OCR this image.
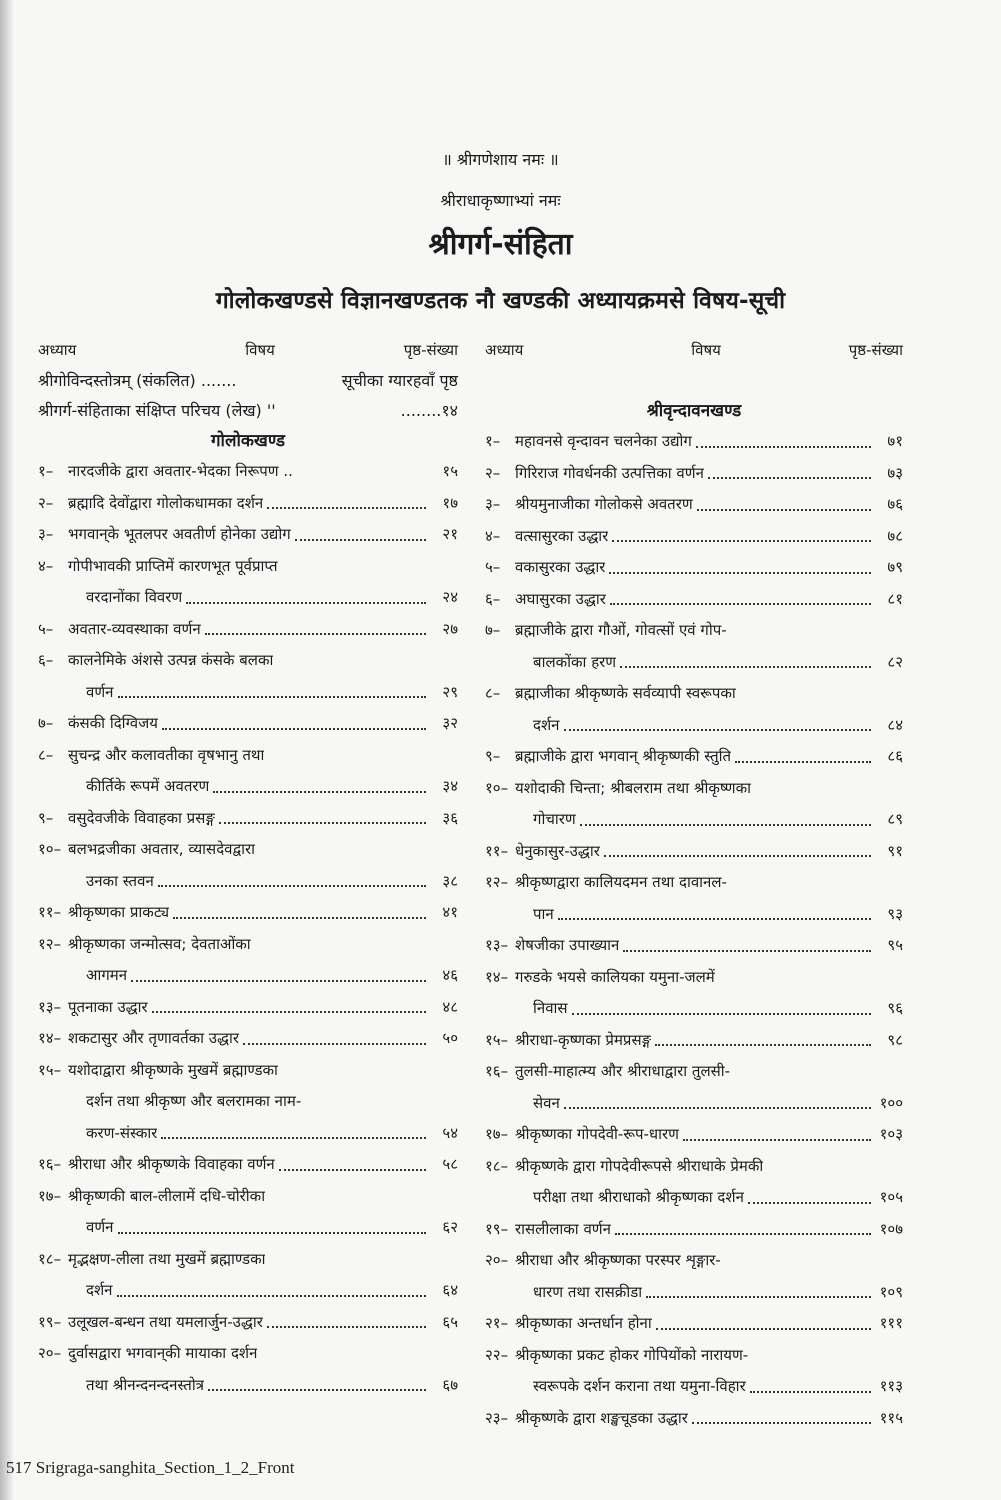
॥ श्रीगणेशाय नमः ॥
श्रीराधाकृष्णाभ्यां नमः
श्रीगर्ग-संहिता
गोलोकखण्डसे विज्ञानखण्डतक नौ खण्डकी अध्यायक्रमसे विषय-सूची
अध्याय	विषय	पृष्ठ-संख्या
श्रीगोविन्दस्तोत्रम् (संकलित) .......	सूचीका ग्यारहवाँ पृष्ठ
श्रीगर्ग-संहिताका संक्षिप्त परिचय (लेख) ''	........१४
गोलोकखण्ड
१– नारदजीके द्वारा अवतार-भेदका निरूपण ..	१५
२– ब्रह्मादि देवोंद्वारा गोलोकधामका दर्शन	१७
३– भगवान्‌के भूतलपर अवतीर्ण होनेका उद्योग	२१
४– गोपीभावकी प्राप्तिमें कारणभूत पूर्वप्राप्त
वरदानोंका विवरण	२४
५– अवतार-व्यवस्थाका वर्णन	२७
६– कालनेमिके अंशसे उत्पन्न कंसके बलका
वर्णन	२९
७– कंसकी दिग्विजय	३२
८– सुचन्द्र और कलावतीका वृषभानु तथा
कीर्तिके रूपमें अवतरण	३४
९– वसुदेवजीके विवाहका प्रसङ्ग	३६
१०– बलभद्रजीका अवतार, व्यासदेवद्वारा
उनका स्तवन	३८
११– श्रीकृष्णका प्राकट्य	४१
१२– श्रीकृष्णका जन्मोत्सव; देवताओंका
आगमन	४६
१३– पूतनाका उद्धार	४८
१४– शकटासुर और तृणावर्तका उद्धार	५०
१५– यशोदाद्वारा श्रीकृष्णके मुखमें ब्रह्माण्डका
दर्शन तथा श्रीकृष्ण और बलरामका नाम-
करण-संस्कार	५४
१६– श्रीराधा और श्रीकृष्णके विवाहका वर्णन	५८
१७– श्रीकृष्णकी बाल-लीलामें दधि-चोरीका
वर्णन	६२
१८– मृद्भक्षण-लीला तथा मुखमें ब्रह्माण्डका
दर्शन	६४
१९– उलूखल-बन्धन तथा यमलार्जुन-उद्धार	६५
२०– दुर्वासद्वारा भगवान्‌की मायाका दर्शन
तथा श्रीनन्दनन्दनस्तोत्र	६७
अध्याय	विषय	पृष्ठ-संख्या
श्रीवृन्दावनखण्ड
१– महावनसे वृन्दावन चलनेका उद्योग	७१
२– गिरिराज गोवर्धनकी उत्पत्तिका वर्णन	७३
३– श्रीयमुनाजीका गोलोकसे अवतरण	७६
४– वत्सासुरका उद्धार	७८
५– वकासुरका उद्धार	७९
६– अघासुरका उद्धार	८१
७– ब्रह्माजीके द्वारा गौओं, गोवत्सों एवं गोप-
बालकोंका हरण	८२
८– ब्रह्माजीका श्रीकृष्णके सर्वव्यापी स्वरूपका
दर्शन	८४
९– ब्रह्माजीके द्वारा भगवान् श्रीकृष्णकी स्तुति	८६
१०– यशोदाकी चिन्ता; श्रीबलराम तथा श्रीकृष्णका
गोचारण	८९
११– धेनुकासुर-उद्धार	९१
१२– श्रीकृष्णद्वारा कालियदमन तथा दावानल-
पान	९३
१३– शेषजीका उपाख्यान	९५
१४– गरुडके भयसे कालियका यमुना-जलमें
निवास	९६
१५– श्रीराधा-कृष्णका प्रेमप्रसङ्ग	९८
१६– तुलसी-माहात्म्य और श्रीराधाद्वारा तुलसी-
सेवन	१००
१७– श्रीकृष्णका गोपदेवी-रूप-धारण	१०३
१८– श्रीकृष्णके द्वारा गोपदेवीरूपसे श्रीराधाके प्रेमकी
परीक्षा तथा श्रीराधाको श्रीकृष्णका दर्शन	१०५
१९– रासलीलाका वर्णन	१०७
२०– श्रीराधा और श्रीकृष्णका परस्पर शृङ्गार-
धारण तथा रासक्रीडा	१०९
२१– श्रीकृष्णका अन्तर्धान होना	१११
२२– श्रीकृष्णका प्रकट होकर गोपियोंको नारायण-
स्वरूपके दर्शन कराना तथा यमुना-विहार	११३
२३– श्रीकृष्णके द्वारा शङ्खचूडका उद्धार	११५
517 Srigraga-sanghita_Section_1_2_Front
